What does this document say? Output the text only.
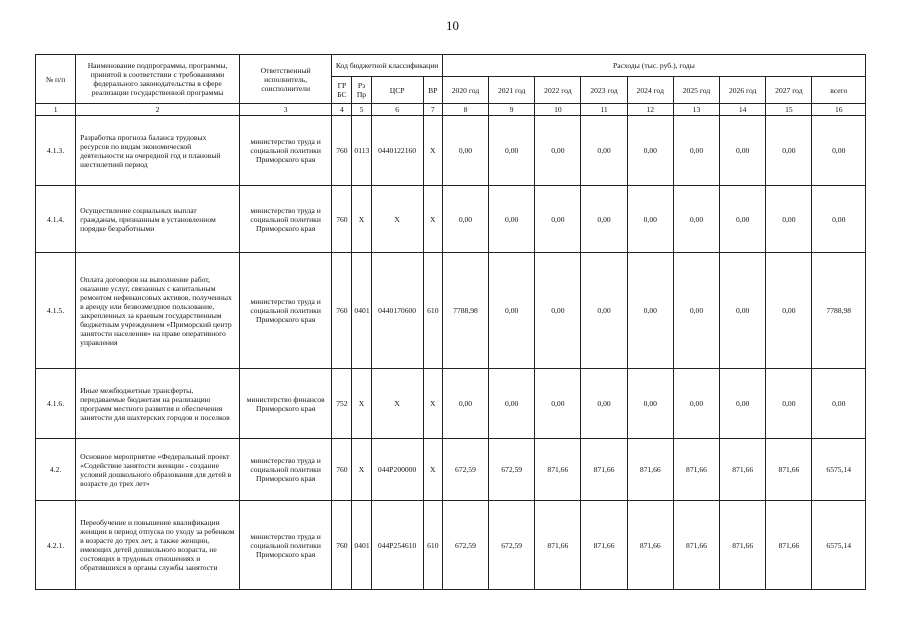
10
№ п/п	Наименование подпрограммы, программы, принятой в соответствии с требованиями федерального законодательства в сфере реализации государственной программы	Ответственный исполнитель, соисполнители	Код бюджетной классификации				Расходы (тыс. руб.), годы								
			ГР БС	Рз Пр	ЦСР	ВР	2020 год	2021 год	2022 год	2023 год	2024 год	2025 год	2026 год	2027 год	всего
1	2	3	4	5	6	7	8	9	10	11	12	13	14	15	16
4.1.3.	Разработка прогноза баланса трудовых ресурсов по видам экономической деятельности на очередной год и плановый шестилетний период	министерство труда и социальной политики Приморского края	760	0113	0440122160	X	0,00	0,00	0,00	0,00	0,00	0,00	0,00	0,00	0,00
4.1.4.	Осуществление социальных выплат гражданам, признанным в установленном порядке безработными	министерство труда и социальной политики Приморского края	760	X	X	X	0,00	0,00	0,00	0,00	0,00	0,00	0,00	0,00	0,00
4.1.5.	Оплата договоров на выполнение работ, оказание услуг, связанных с капитальным ремонтом нефинансовых активов, полученных в аренду или безвозмездное пользование, закрепленных за краевым государственным бюджетным учреждением «Приморский центр занятости населения» на праве оперативного управления	министерство труда и социальной политики Приморского края	760	0401	0440170600	610	7788,98	0,00	0,00	0,00	0,00	0,00	0,00	0,00	7788,98
4.1.6.	Иные межбюджетные трансферты, передаваемые бюджетам на реализацию программ местного развития и обеспечения занятости для шахтерских городов и поселков	министерство финансов Приморского края	752	X	X	X	0,00	0,00	0,00	0,00	0,00	0,00	0,00	0,00	0,00
4.2.	Основное мероприятие «Федеральный проект «Содействие занятости женщин - создание условий дошкольного образования для детей в возрасте до трех лет»	министерство труда и социальной политики Приморского края	760	X	044P200000	X	672,59	672,59	871,66	871,66	871,66	871,66	871,66	871,66	6575,14
4.2.1.	Переобучение и повышение квалификации женщин в период отпуска по уходу за ребенком в возрасте до трех лет, а также женщин, имеющих детей дошкольного возраста, не состоящих в трудовых отношениях и обратившихся в органы службы занятости	министерство труда и социальной политики Приморского края	760	0401	044P254610	610	672,59	672,59	871,66	871,66	871,66	871,66	871,66	871,66	6575,14
